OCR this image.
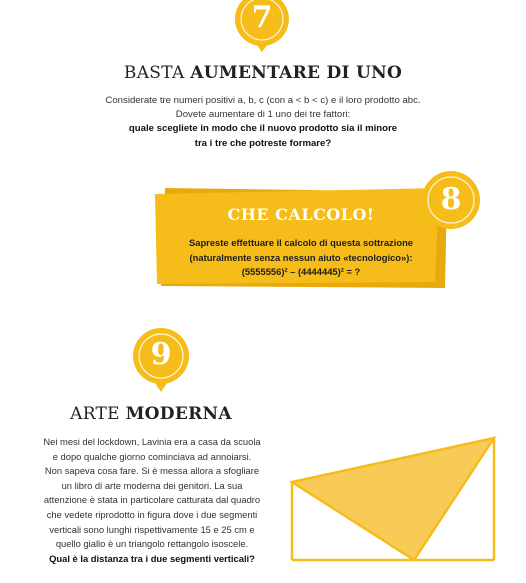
7
BASTA AUMENTARE DI UNO
Considerate tre numeri positivi a, b, c (con a < b < c) e il loro prodotto abc.
Dovete aumentare di 1 uno dei tre fattori:
quale scegliete in modo che il nuovo prodotto sia il minore
tra i tre che potreste formare?
CHE CALCOLO!
Sapreste effettuare il calcolo di questa sottrazione
(naturalmente senza nessun aiuto «tecnologico»):
(5555556)² – (4444445)² = ?
8
9
ARTE MODERNA
Nei mesi del lockdown, Lavinia era a casa da scuola
e dopo qualche giorno cominciava ad annoiarsi.
Non sapeva cosa fare. Si è messa allora a sfogliare
un libro di arte moderna dei genitori. La sua
attenzione è stata in particolare catturata dal quadro
che vedete riprodotto in figura dove i due segmenti
verticali sono lunghi rispettivamente 15 e 25 cm e
quello giallo è un triangolo rettangolo isoscele.
Qual è la distanza tra i due segmenti verticali?
